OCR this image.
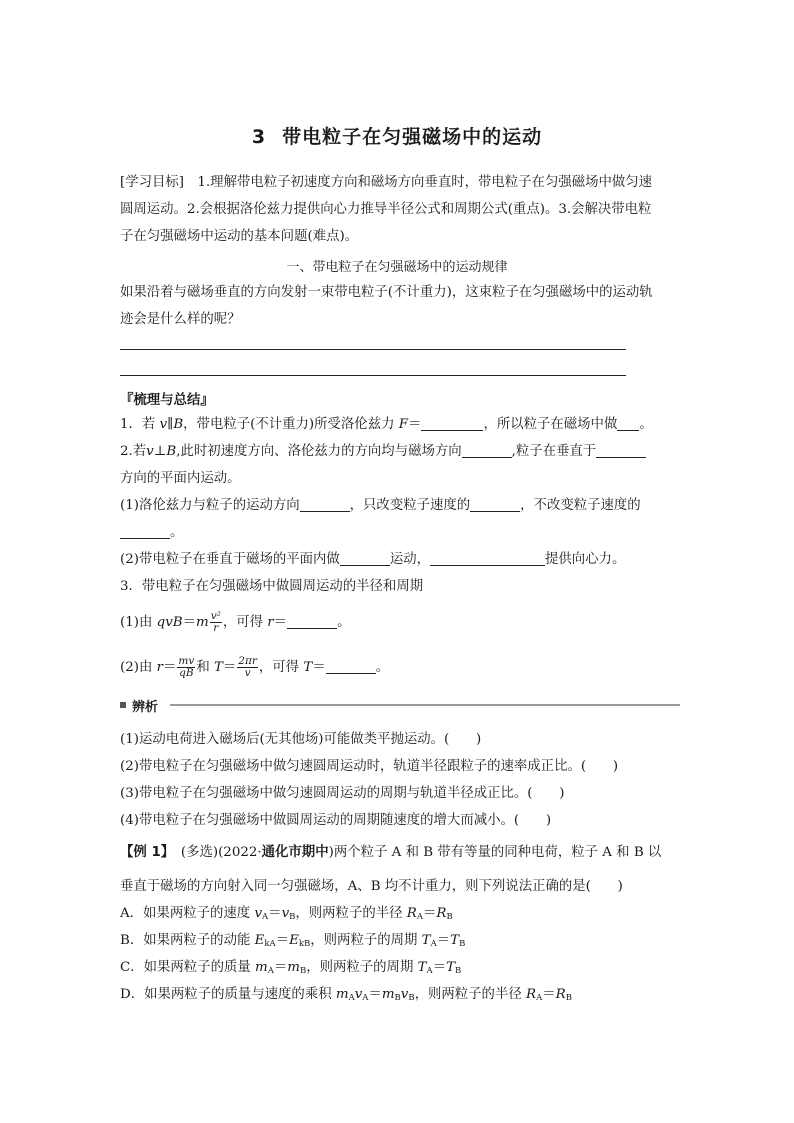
3 带电粒子在匀强磁场中的运动
[学习目标]　1.理解带电粒子初速度方向和磁场方向垂直时，带电粒子在匀强磁场中做匀速
圆周运动。2.会根据洛伦兹力提供向心力推导半径公式和周期公式(重点)。3.会解决带电粒
子在匀强磁场中运动的基本问题(难点)。
一、带电粒子在匀强磁场中的运动规律
如果沿着与磁场垂直的方向发射一束带电粒子(不计重力)，这束粒子在匀强磁场中的运动轨
迹会是什么样的呢？
『梳理与总结』
1．若 v∥B，带电粒子(不计重力)所受洛伦兹力 F＝	，所以粒子在磁场中做 。
2.若v⊥B,此时初速度方向、洛伦兹力的方向均与磁场方向	,粒子在垂直于
方向的平面内运动。
(1)洛伦兹力与粒子的运动方向	，只改变粒子速度的	，不改变粒子速度的
。
(2)带电粒子在垂直于磁场的平面内做	运动，	提供向心力。
3．带电粒子在匀强磁场中做圆周运动的半径和周期
(1)由 $qvB=m \frac{\text{v²}}{r}$ ，可得 r＝	。
(2)由 $r= \frac{mv}{qB}$ 和 $T= \frac{2\pi r}{v}$ ，可得 T＝	。
辨析
(1)运动电荷进入磁场后(无其他场)可能做类平抛运动。(　　)
(2)带电粒子在匀强磁场中做匀速圆周运动时，轨道半径跟粒子的速率成正比。(　　)
(3)带电粒子在匀强磁场中做匀速圆周运动的周期与轨道半径成正比。(　　)
(4)带电粒子在匀强磁场中做圆周运动的周期随速度的增大而减小。(　　)
【例 1】　(多选)(2022·通化市期中)两个粒子 A 和 B 带有等量的同种电荷，粒子 A 和 B 以
垂直于磁场的方向射入同一匀强磁场，A、B 均不计重力，则下列说法正确的是(　　)
A．如果两粒子的速度 $v_A=v_B$，则两粒子的半径 $R_A=R_B$
B．如果两粒子的动能 $E_{kA}=E_{kB}$，则两粒子的周期 $T_A=T_B$
C．如果两粒子的质量 $m_A=m_B$，则两粒子的周期 $T_A=T_B$
D．如果两粒子的质量与速度的乘积 $m_Av_A=m_Bv_B$，则两粒子的半径 $R_A=R_B$
